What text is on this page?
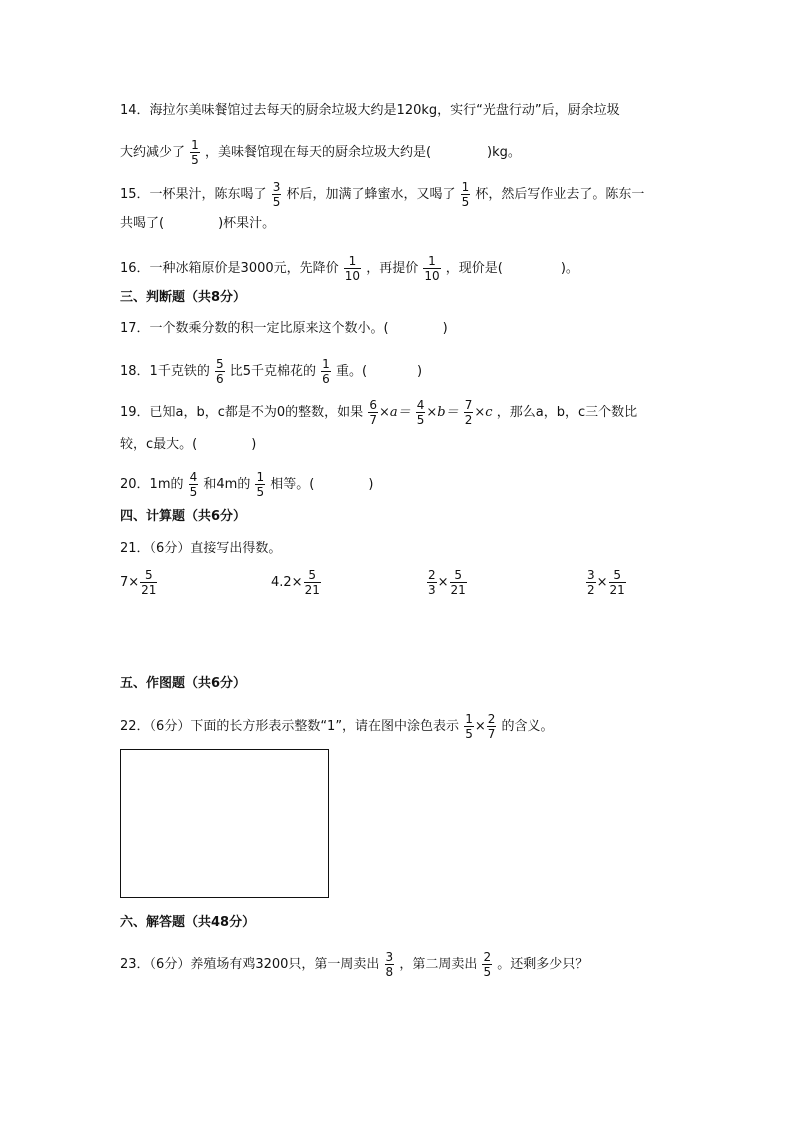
14．海拉尔美味餐馆过去每天的厨余垃圾大约是120kg，实行“光盘行动”后，厨余垃圾
大约减少了 $\frac{1}{5}$ ，美味餐馆现在每天的厨余垃圾大约是(	)kg。
15．一杯果汁，陈东喝了 $\frac{3}{5}$ 杯后，加满了蜂蜜水，又喝了 $\frac{1}{5}$ 杯，然后写作业去了。陈东一
共喝了(	)杯果汁。
16．一种冰箱原价是3000元，先降价 $\frac{1}{10}$ ，再提价 $\frac{1}{10}$ ，现价是(	)。
三、判断题（共8分）
17．一个数乘分数的积一定比原来这个数小。(	)
18．1千克铁的 $\frac{5}{6}$ 比5千克棉花的 $\frac{1}{6}$ 重。(	)
19．已知a，b，c都是不为0的整数，如果 $\frac{6}{7} \times a= \frac{4}{5} \times b= \frac{7}{2} \times c$ ，那么a，b，c三个数比
较，c最大。(	)
20．1m的 $\frac{4}{5}$ 和4m的 $\frac{1}{5}$ 相等。(	)
四、计算题（共6分）
21．（6分）直接写出得数。
$7\times \frac{5}{21}$	$4.2\times \frac{5}{21}$	$\frac{2}{3} \times \frac{5}{21}$	$\frac{3}{2} \times \frac{5}{21}$
五、作图题（共6分）
22．（6分）下面的长方形表示整数“1”，请在图中涂色表示 $\frac{1}{5} \times \frac{2}{7}$ 的含义。
六、解答题（共48分）
23．（6分）养殖场有鸡3200只，第一周卖出 $\frac{3}{8}$ ，第二周卖出 $\frac{2}{5}$ 。还剩多少只？
